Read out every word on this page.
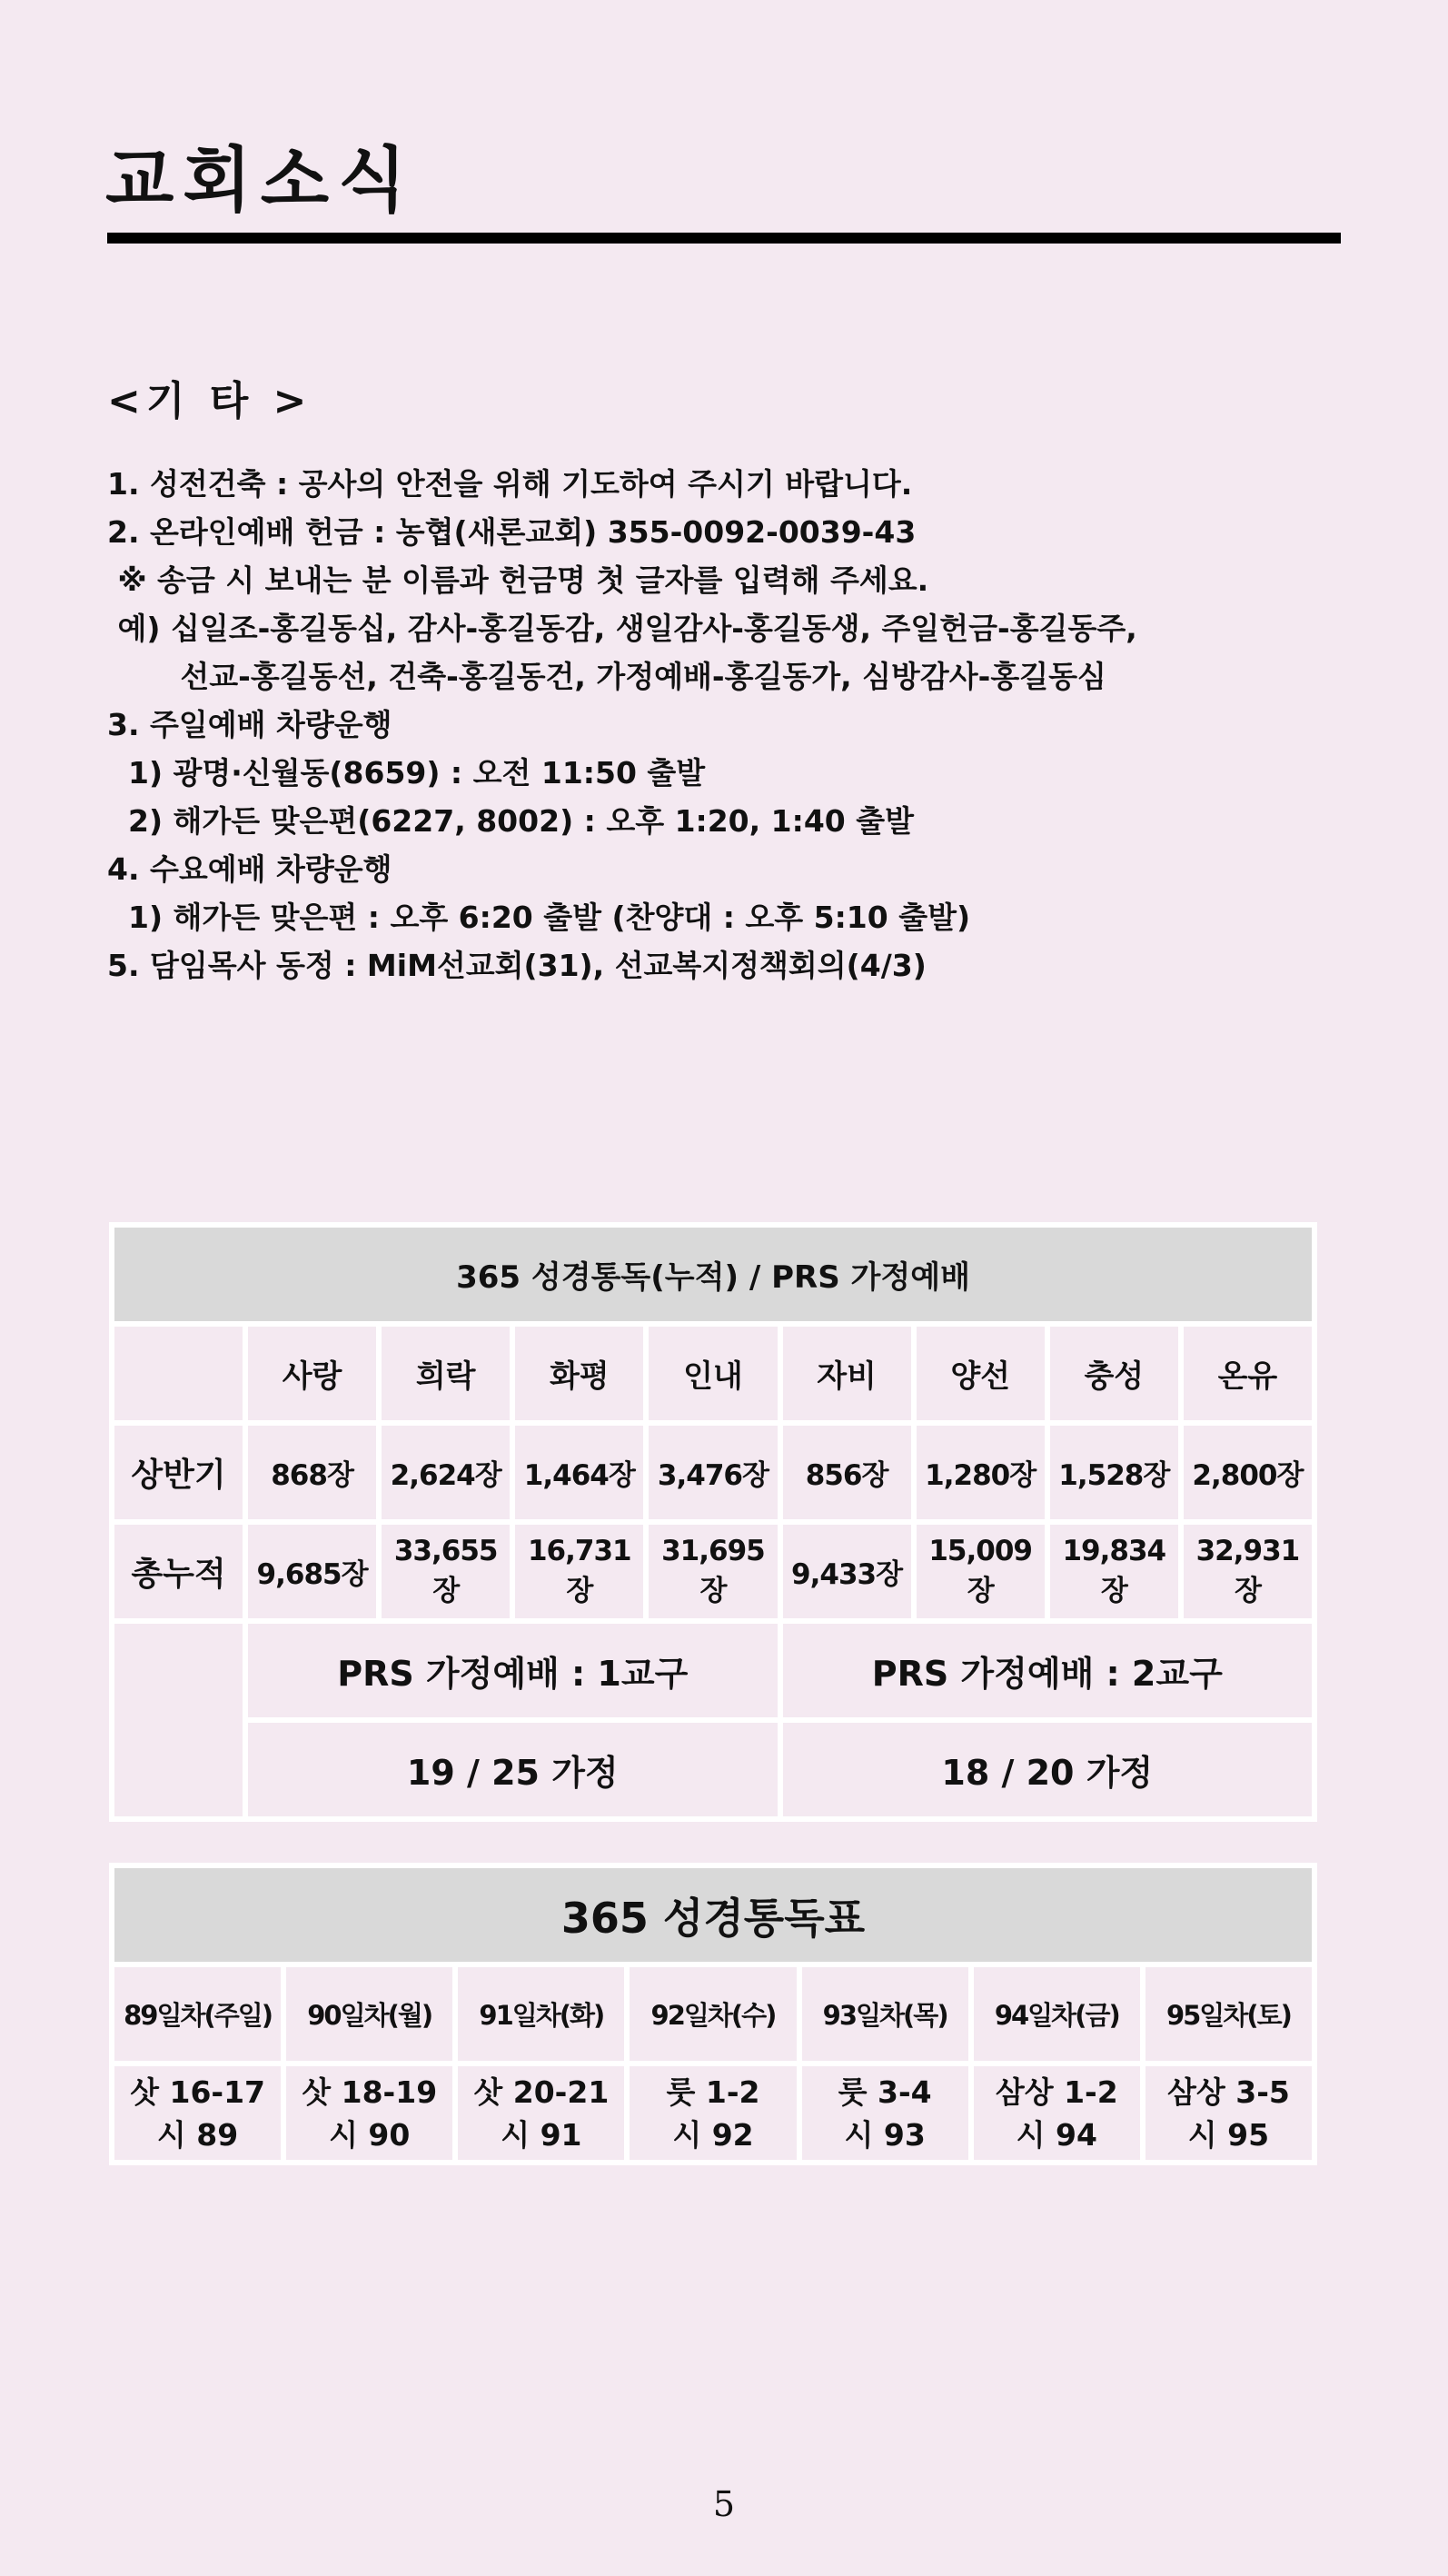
교회소식
<기 타 >
1. 성전건축 : 공사의 안전을 위해 기도하여 주시기 바랍니다.
2. 온라인예배 헌금 : 농협(새론교회) 355-0092-0039-43
※ 송금 시 보내는 분 이름과 헌금명 첫 글자를 입력해 주세요.
예) 십일조-홍길동십, 감사-홍길동감, 생일감사-홍길동생, 주일헌금-홍길동주,
선교-홍길동선, 건축-홍길동건, 가정예배-홍길동가, 심방감사-홍길동심
3. 주일예배 차량운행
1) 광명·신월동(8659) : 오전 11:50 출발
2) 해가든 맞은편(6227, 8002) : 오후 1:20, 1:40 출발
4. 수요예배 차량운행
1) 해가든 맞은편 : 오후 6:20 출발 (찬양대 : 오후 5:10 출발)
5. 담임목사 동정 : MiM선교회(31), 선교복지정책회의(4/3)
365 성경통독(누적) / PRS 가정예배								
	사랑	희락	화평	인내	자비	양선	충성	온유
상반기	868장	2,624장	1,464장	3,476장	856장	1,280장	1,528장	2,800장
총누적	9,685장	33,655장	16,731장	31,695장	9,433장	15,009장	19,834장	32,931장
	PRS 가정예배 : 1교구				PRS 가정예배 : 2교구			
	19 / 25 가정				18 / 20 가정			
365 성경통독표						
89일차(주일)	90일차(월)	91일차(화)	92일차(수)	93일차(목)	94일차(금)	95일차(토)

삿 16-17
시 89	삿 18-19
시 90	삿 20-21
시 91	룻 1-2
시 92	룻 3-4
시 93	삼상 1-2
시 94	삼상 3-5
시 95
5
